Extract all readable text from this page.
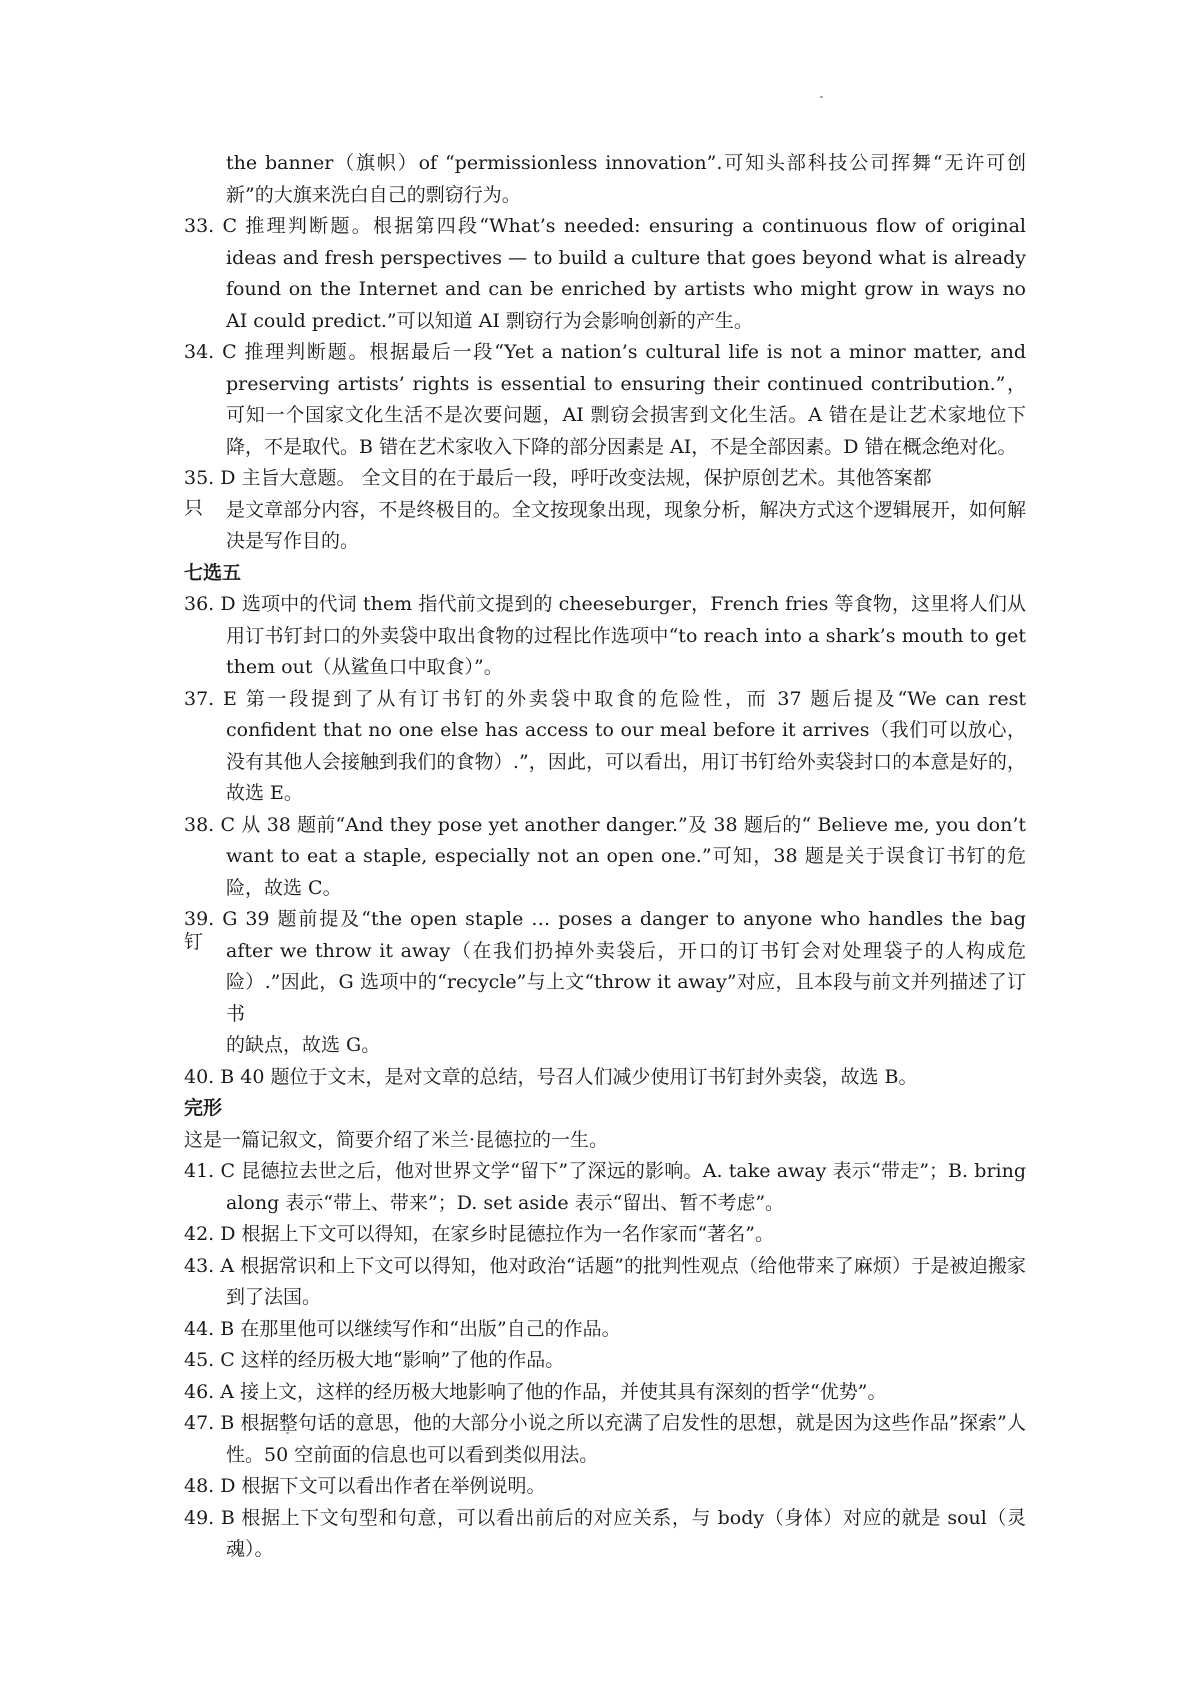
the banner（旗帜）of “permissionless innovation”.可知头部科技公司挥舞“无许可创新”的大旗来洗白自己的剽窃行为。

33. C 推理判断题。根据第四段“What’s needed: ensuring a continuous flow of original ideas and fresh perspectives — to build a culture that goes beyond what is already found on the Internet and can be enriched by artists who might grow in ways no AI could predict.”可以知道 AI 剽窃行为会影响创新的产生。

34. C 推理判断题。根据最后一段“Yet a nation’s cultural life is not a minor matter, and preserving artists’ rights is essential to ensuring their continued contribution.”，可知一个国家文化生活不是次要问题，AI 剽窃会损害到文化生活。A 错在是让艺术家地位下降，不是取代。B 错在艺术家收入下降的部分因素是 AI，不是全部因素。D 错在概念绝对化。

35. D 主旨大意题。 全文目的在于最后一段，呼吁改变法规，保护原创艺术。其他答案都

是文章部分内容，不是终极目的。全文按现象出现，现象分析，解决方式这个逻辑展开，如何解决是写作目的。

七选五

36. D 选项中的代词 them 指代前文提到的 cheeseburger，French fries 等食物，这里将人们从用订书钉封口的外卖袋中取出食物的过程比作选项中“to reach into a shark’s mouth to get them out（从鲨鱼口中取食）”。

37. E 第一段提到了从有订书钉的外卖袋中取食的危险性，而 37 题后提及“We can rest confident that no one else has access to our meal before it arrives（我们可以放心，没有其他人会接触到我们的食物）.”，因此，可以看出，用订书钉给外卖袋封口的本意是好的，故选 E。

38. C 从 38 题前“And they pose yet another danger.”及 38 题后的“ Believe me, you don’t want to eat a staple, especially not an open one.”可知，38 题是关于误食订书钉的危险，故选 C。

39. G 39 题前提及“the open staple … poses a danger to anyone who handles the bag after we throw it away（在我们扔掉外卖袋后，开口的订书钉会对处理袋子的人构成危险）.”因此，G 选项中的“recycle”与上文“throw it away”对应，且本段与前文并列描述了订书

的缺点，故选 G。

40. B 40 题位于文末，是对文章的总结，号召人们减少使用订书钉封外卖袋，故选 B。

完形

这是一篇记叙文，简要介绍了米兰·昆德拉的一生。

41. C 昆德拉去世之后，他对世界文学“留下”了深远的影响。A. take away 表示“带走”；B. bring along 表示“带上、带来”；D. set aside 表示“留出、暂不考虑”。

42. D 根据上下文可以得知，在家乡时昆德拉作为一名作家而“著名”。

43. A 根据常识和上下文可以得知，他对政治“话题”的批判性观点（给他带来了麻烦）于是被迫搬家到了法国。

44. B 在那里他可以继续写作和“出版”自己的作品。

45. C 这样的经历极大地“影响”了他的作品。

46. A 接上文，这样的经历极大地影响了他的作品，并使其具有深刻的哲学“优势”。

47. B 根据整句话的意思，他的大部分小说之所以充满了启发性的思想，就是因为这些作品”探索”人性。50 空前面的信息也可以看到类似用法。

48. D 根据下文可以看出作者在举例说明。

49. B 根据上下文句型和句意，可以看出前后的对应关系，与 body（身体）对应的就是 soul（灵魂）。

只
钉
